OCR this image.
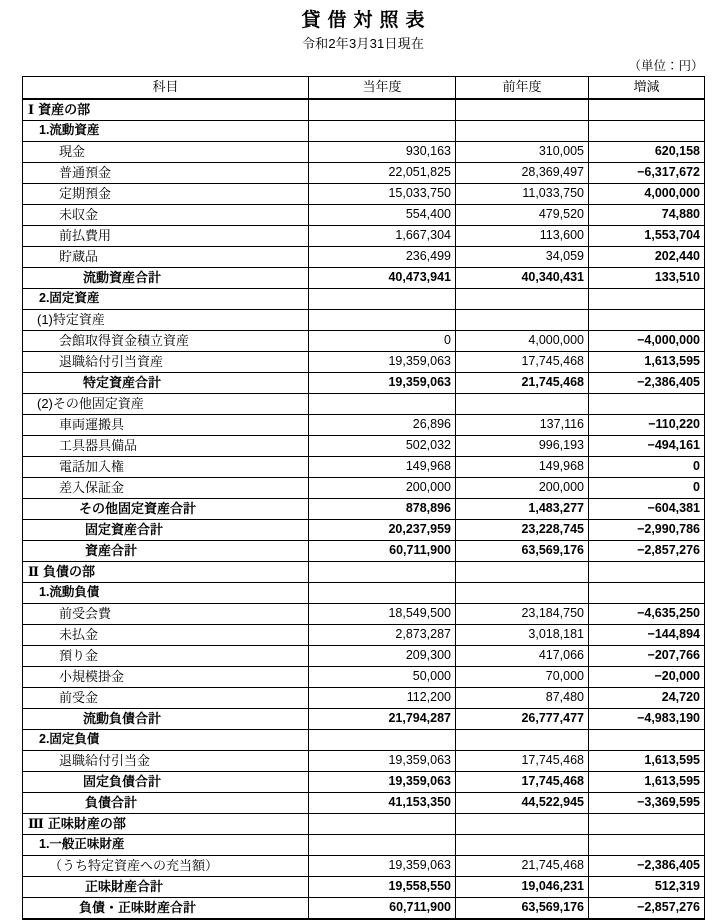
貸借対照表

令和2年3月31日現在

（単位：円）
科目	当年度	前年度	増減
Ⅰ 資産の部			
1.流動資産			
現金	930,163	310,005	620,158
普通預金	22,051,825	28,369,497	−6,317,672
定期預金	15,033,750	11,033,750	4,000,000
未収金	554,400	479,520	74,880
前払費用	1,667,304	113,600	1,553,704
貯蔵品	236,499	34,059	202,440
流動資産合計	40,473,941	40,340,431	133,510
2.固定資産			
(1)特定資産			
会館取得資金積立資産	0	4,000,000	−4,000,000
退職給付引当資産	19,359,063	17,745,468	1,613,595
特定資産合計	19,359,063	21,745,468	−2,386,405
(2)その他固定資産			
車両運搬具	26,896	137,116	−110,220
工具器具備品	502,032	996,193	−494,161
電話加入権	149,968	149,968	0
差入保証金	200,000	200,000	0
その他固定資産合計	878,896	1,483,277	−604,381
固定資産合計	20,237,959	23,228,745	−2,990,786
資産合計	60,711,900	63,569,176	−2,857,276
Ⅱ 負債の部			
1.流動負債			
前受会費	18,549,500	23,184,750	−4,635,250
未払金	2,873,287	3,018,181	−144,894
預り金	209,300	417,066	−207,766
小規模掛金	50,000	70,000	−20,000
前受金	112,200	87,480	24,720
流動負債合計	21,794,287	26,777,477	−4,983,190
2.固定負債			
退職給付引当金	19,359,063	17,745,468	1,613,595
固定負債合計	19,359,063	17,745,468	1,613,595
負債合計	41,153,350	44,522,945	−3,369,595
Ⅲ 正味財産の部			
1.一般正味財産			
（うち特定資産への充当額）	19,359,063	21,745,468	−2,386,405
正味財産合計	19,558,550	19,046,231	512,319
負債・正味財産合計	60,711,900	63,569,176	−2,857,276
